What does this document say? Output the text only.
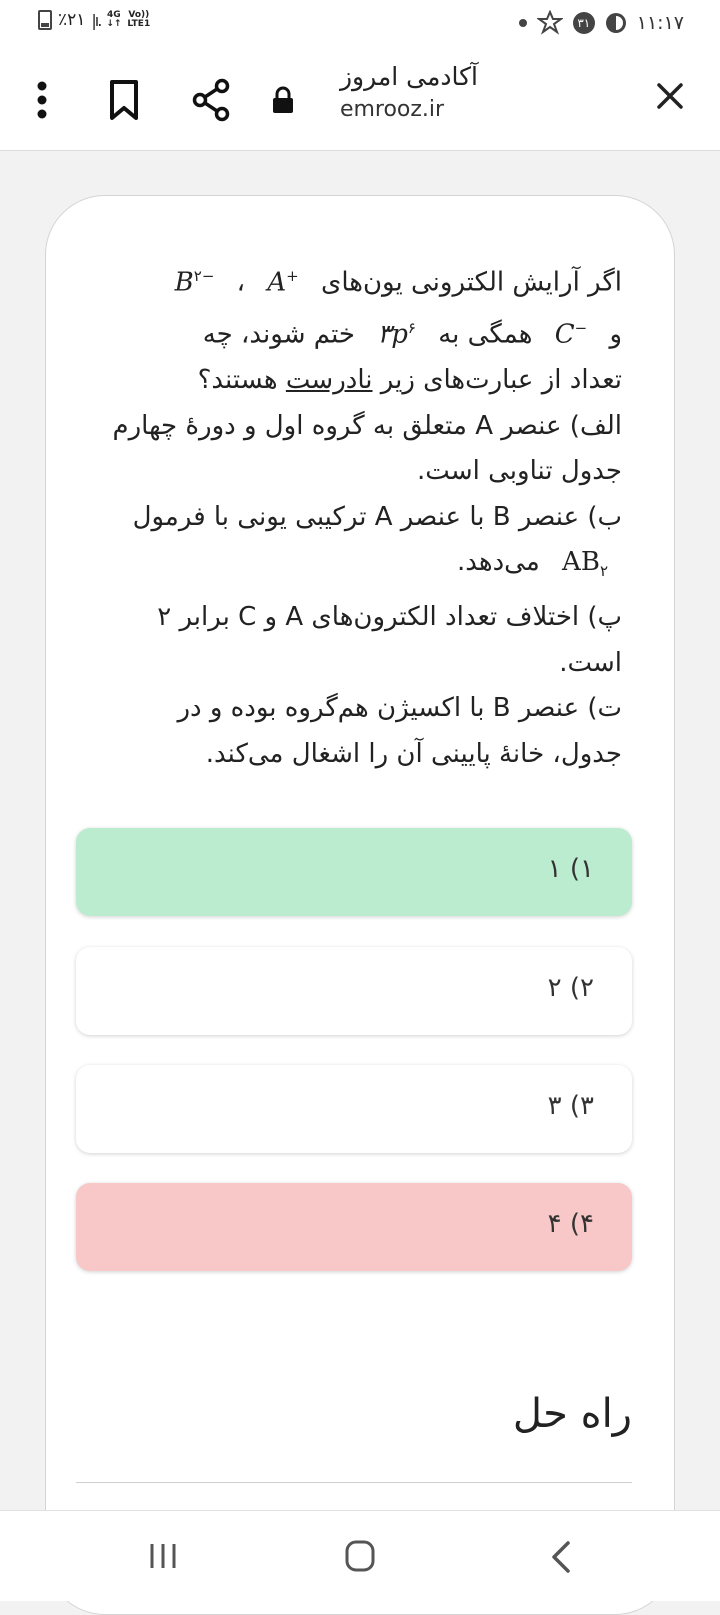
٪۲۱ |ı. 4G
↓↑
Vo))
LTE1	۳۱ ۱۱:۱۷
آکادمی امروز
emrooz.ir
اگر آرایش الکترونی یون‌های A+ ، $B^{۲-}$
و C− همگی به $۳p^۶$ ختم شوند، چه
تعداد از عبارت‌های زیر نادرست هستند؟
الف) عنصر A متعلق به گروه اول و دورهٔ چهارم جدول تناوبی است.
ب) عنصر B با عنصر A ترکیبی یونی با فرمول $AB_۲$ می‌دهد.
پ) اختلاف تعداد الکترون‌های A و C برابر ۲ است.
ت) عنصر B با اکسیژن هم‌گروه بوده و در جدول، خانهٔ پایینی آن را اشغال می‌کند.
۱) ۱
۲) ۲
۳) ۳
۴) ۴
راه حل
